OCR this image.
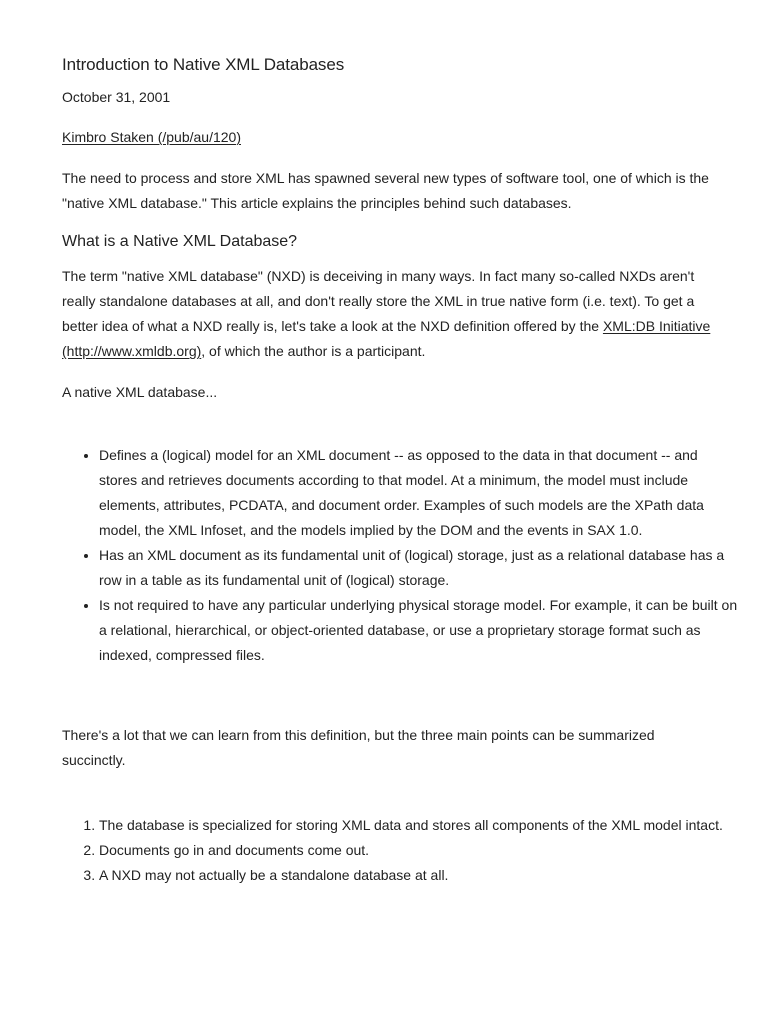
Introduction to Native XML Databases

October 31, 2001

Kimbro Staken (/pub/au/120)

The need to process and store XML has spawned several new types of software tool, one of which is the "native XML database." This article explains the principles behind such databases.

What is a Native XML Database?

The term "native XML database" (NXD) is deceiving in many ways. In fact many so-called NXDs aren't really standalone databases at all, and don't really store the XML in true native form (i.e. text). To get a better idea of what a NXD really is, let's take a look at the NXD definition offered by the XML:DB Initiative (http://www.xmldb.org), of which the author is a participant.

A native XML database...

• Defines a (logical) model for an XML document -- as opposed to the data in that document -- and stores and retrieves documents according to that model. At a minimum, the model must include elements, attributes, PCDATA, and document order. Examples of such models are the XPath data model, the XML Infoset, and the models implied by the DOM and the events in SAX 1.0.
• Has an XML document as its fundamental unit of (logical) storage, just as a relational database has a row in a table as its fundamental unit of (logical) storage.
• Is not required to have any particular underlying physical storage model. For example, it can be built on a relational, hierarchical, or object-oriented database, or use a proprietary storage format such as indexed, compressed files.

There's a lot that we can learn from this definition, but the three main points can be summarized succinctly.

1. The database is specialized for storing XML data and stores all components of the XML model intact.
2. Documents go in and documents come out.
3. A NXD may not actually be a standalone database at all.
